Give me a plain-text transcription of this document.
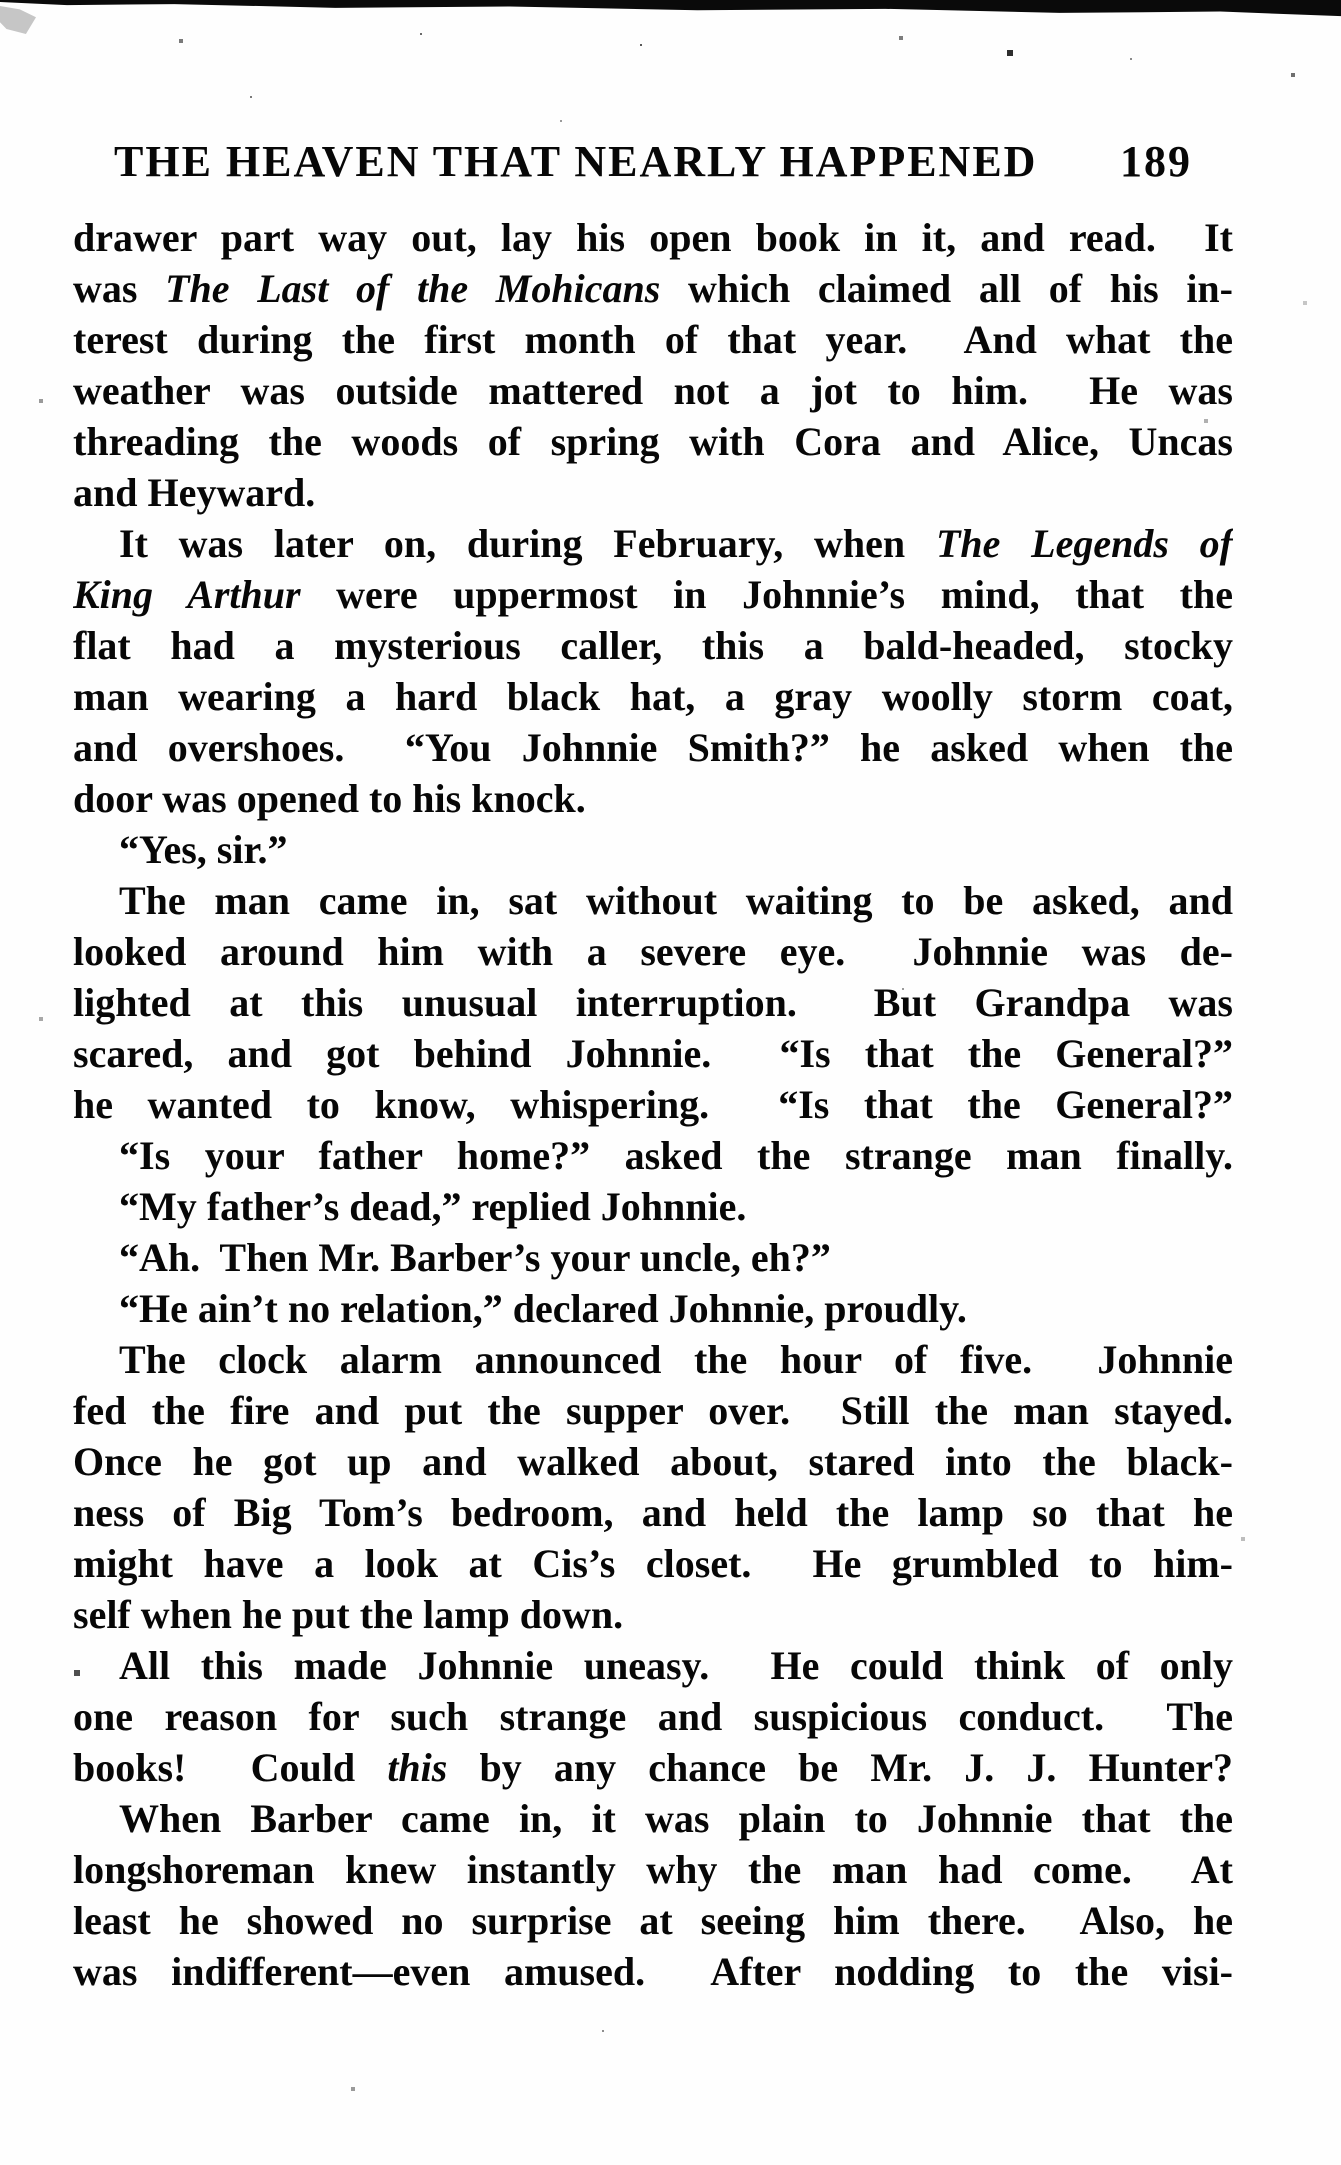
THE HEAVEN THAT NEARLY HAPPENED 189
drawer part way out, lay his open book in it, and read.  It
was The Last of the Mohicans which claimed all of his in-
terest during the first month of that year.  And what the
weather was outside mattered not a jot to him.  He was
threading the woods of spring with Cora and Alice, Uncas
and Heyward.
It was later on, during February, when The Legends of
King Arthur were uppermost in Johnnie’s mind, that the
flat had a mysterious caller, this a bald-headed, stocky
man wearing a hard black hat, a gray woolly storm coat,
and overshoes.  “You Johnnie Smith?” he asked when the
door was opened to his knock.
“Yes, sir.”
The man came in, sat without waiting to be asked, and
looked around him with a severe eye.  Johnnie was de-
lighted at this unusual interruption.  But Grandpa was
scared, and got behind Johnnie.  “Is that the General?”
he wanted to know, whispering.  “Is that the General?”
“Is your father home?” asked the strange man finally.
“My father’s dead,” replied Johnnie.
“Ah.  Then Mr. Barber’s your uncle, eh?”
“He ain’t no relation,” declared Johnnie, proudly.
The clock alarm announced the hour of five.  Johnnie
fed the fire and put the supper over.  Still the man stayed.
Once he got up and walked about, stared into the black-
ness of Big Tom’s bedroom, and held the lamp so that he
might have a look at Cis’s closet.  He grumbled to him-
self when he put the lamp down.
All this made Johnnie uneasy.  He could think of only
one reason for such strange and suspicious conduct.  The
books!  Could this by any chance be Mr. J. J. Hunter?
When Barber came in, it was plain to Johnnie that the
longshoreman knew instantly why the man had come.  At
least he showed no surprise at seeing him there.  Also, he
was indifferent—even amused.  After nodding to the visi-
